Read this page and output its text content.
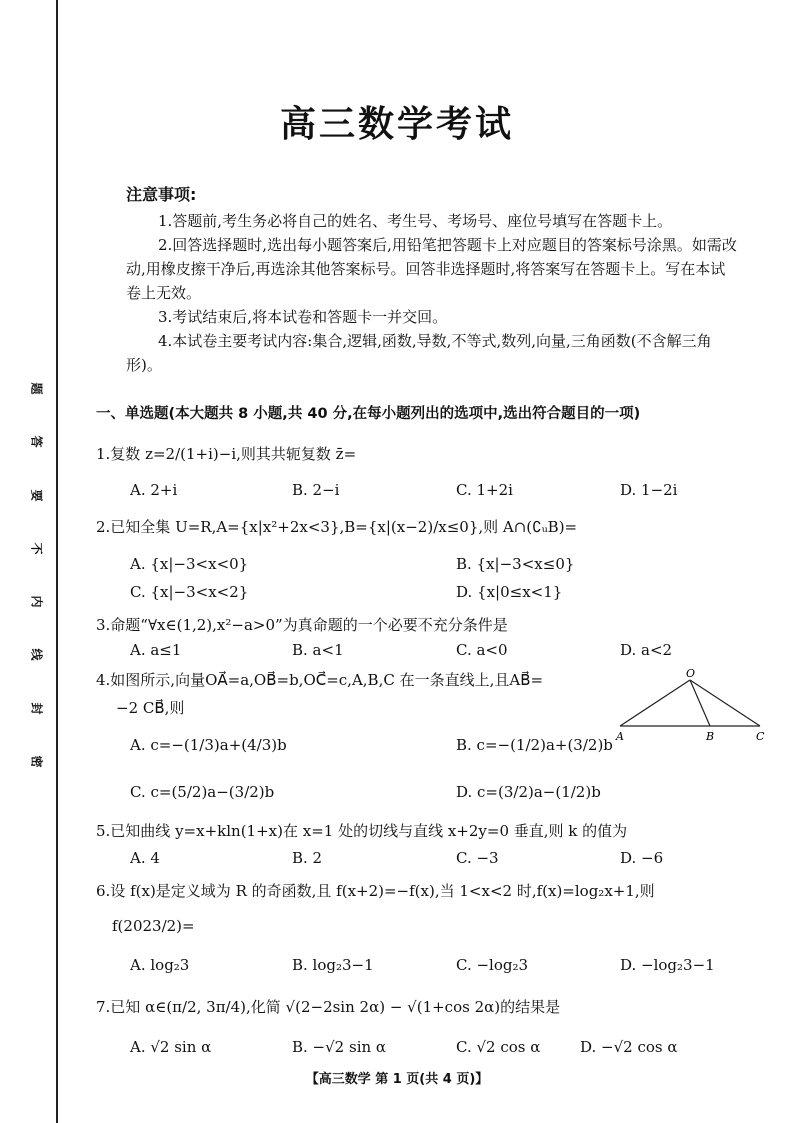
题
答
要
不
内
线
封
密
高三数学考试
注意事项:

1.答题前,考生务必将自己的姓名、考生号、考场号、座位号填写在答题卡上。

2.回答选择题时,选出每小题答案后,用铅笔把答题卡上对应题目的答案标号涂黑。如需改动,用橡皮擦干净后,再选涂其他答案标号。回答非选择题时,将答案写在答题卡上。写在本试卷上无效。

3.考试结束后,将本试卷和答题卡一并交回。

4.本试卷主要考试内容:集合,逻辑,函数,导数,不等式,数列,向量,三角函数(不含解三角形)。

一、单选题(本大题共 8 小题,共 40 分,在每小题列出的选项中,选出符合题目的一项)
1.复数 z=2/(1+i)−i,则其共轭复数 z̄=
A. 2+i	B. 2−i	C. 1+2i	D. 1−2i
2.已知全集 U=R,A={x|x²+2x<3},B={x|(x−2)/x≤0},则 A∩(∁ᵤB)=
A. {x|−3<x<0}	B. {x|−3<x≤0}
C. {x|−3<x<2}	D. {x|0≤x<1}
3.命题“∀x∈(1,2),x²−a>0”为真命题的一个必要不充分条件是
A. a≤1	B. a<1	C. a<0	D. a<2
4.如图所示,向量OA⃗=a,OB⃗=b,OC⃗=c,A,B,C 在一条直线上,且AB⃗=
−2 CB⃗,则
A. c=−(1/3)a+(4/3)b	B. c=−(1/2)a+(3/2)b
C. c=(5/2)a−(3/2)b	D. c=(3/2)a−(1/2)b
O
A	B	C
5.已知曲线 y=x+kln(1+x)在 x=1 处的切线与直线 x+2y=0 垂直,则 k 的值为
A. 4	B. 2	C. −3	D. −6
6.设 f(x)是定义域为 R 的奇函数,且 f(x+2)=−f(x),当 1<x<2 时,f(x)=log₂x+1,则
f(2023/2)=
A. log₂3	B. log₂3−1	C. −log₂3	D. −log₂3−1
7.已知 α∈(π/2, 3π/4),化简 √(2−2sin 2α) − √(1+cos 2α)的结果是
A. √2 sin α	B. −√2 sin α	C. √2 cos α	D. −√2 cos α
【高三数学 第 1 页(共 4 页)】
